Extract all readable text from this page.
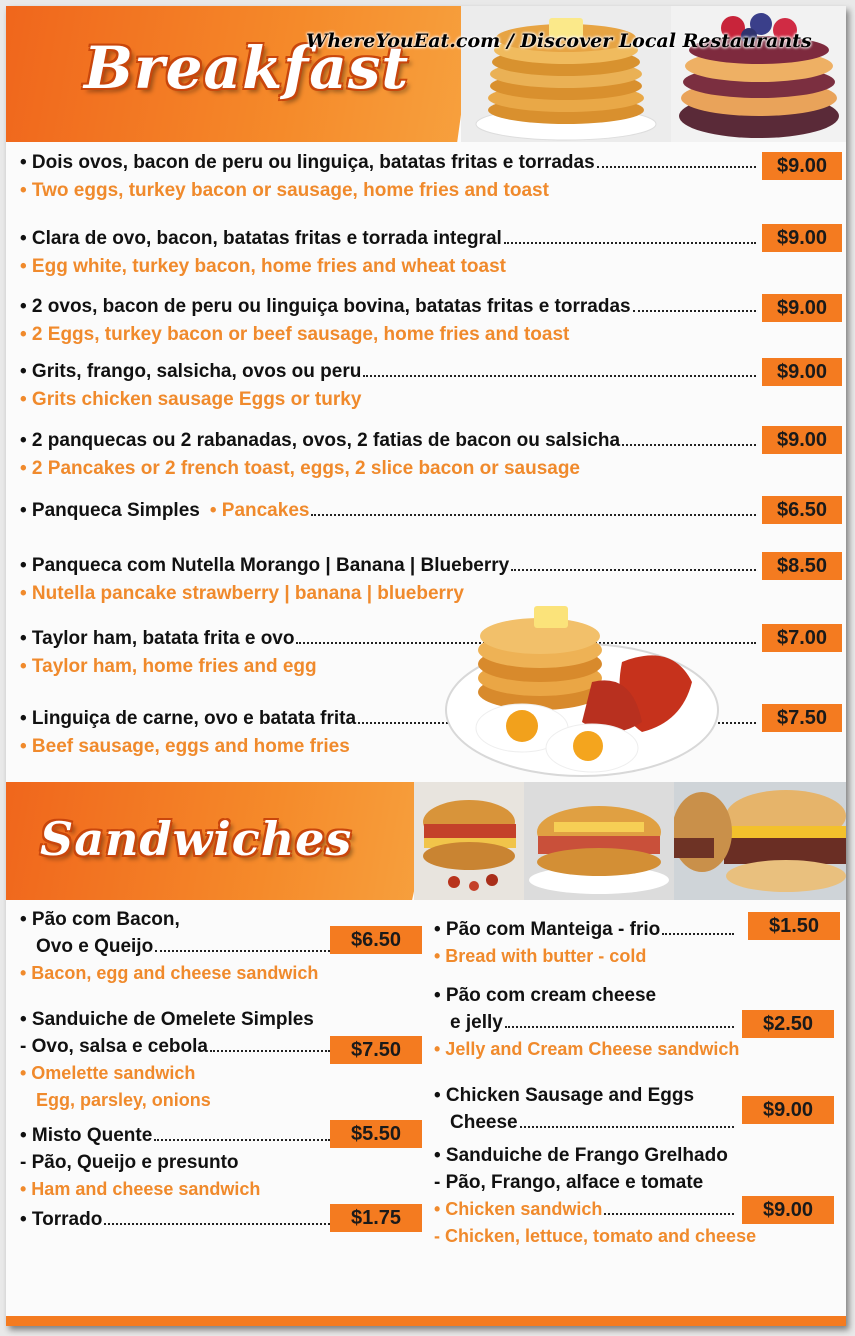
Breakfast
WhereYouEat.com / Discover Local Restaurants
• Dois ovos, bacon de peru ou linguiça, batatas fritas e torradas
• Two eggs, turkey bacon or sausage, home fries and toast
$9.00
• Clara de ovo, bacon, batatas fritas e torrada integral
• Egg white, turkey bacon, home fries and wheat toast
$9.00
• 2 ovos, bacon de peru ou linguiça bovina, batatas fritas e torradas
• 2 Eggs, turkey bacon or beef sausage, home fries and toast
$9.00
• Grits, frango, salsicha, ovos ou peru
• Grits chicken sausage Eggs or turky
$9.00
• 2 panquecas ou 2 rabanadas, ovos, 2 fatias de bacon ou salsicha
• 2 Pancakes or 2 french toast, eggs, 2 slice bacon or sausage
$9.00
• Panqueca Simples • Pancakes	$6.50
• Panqueca com Nutella Morango | Banana | Blueberry
• Nutella pancake strawberry | banana | blueberry
$8.50
• Taylor ham, batata frita e ovo
• Taylor ham, home fries and egg
$7.00
• Linguiça de carne, ovo e batata frita
• Beef sausage, eggs and home fries
$7.50
Sandwiches
• Pão com Bacon,
Ovo e Queijo
• Bacon, egg and cheese sandwich
$6.50
• Sanduiche de Omelete Simples
- Ovo, salsa e cebola
• Omelette sandwich
Egg, parsley, onions
$7.50
• Misto Quente
- Pão, Queijo e presunto
• Ham and cheese sandwich
$5.50
• Torrado	$1.75
• Pão com Manteiga - frio
• Bread with butter - cold
$1.50
• Pão com cream cheese
e jelly
• Jelly and Cream Cheese sandwich
$2.50
• Chicken Sausage and Eggs
Cheese
$9.00
• Sanduiche de Frango Grelhado
- Pão, Frango, alface e tomate
• Chicken sandwich
- Chicken, lettuce, tomato and cheese
$9.00
